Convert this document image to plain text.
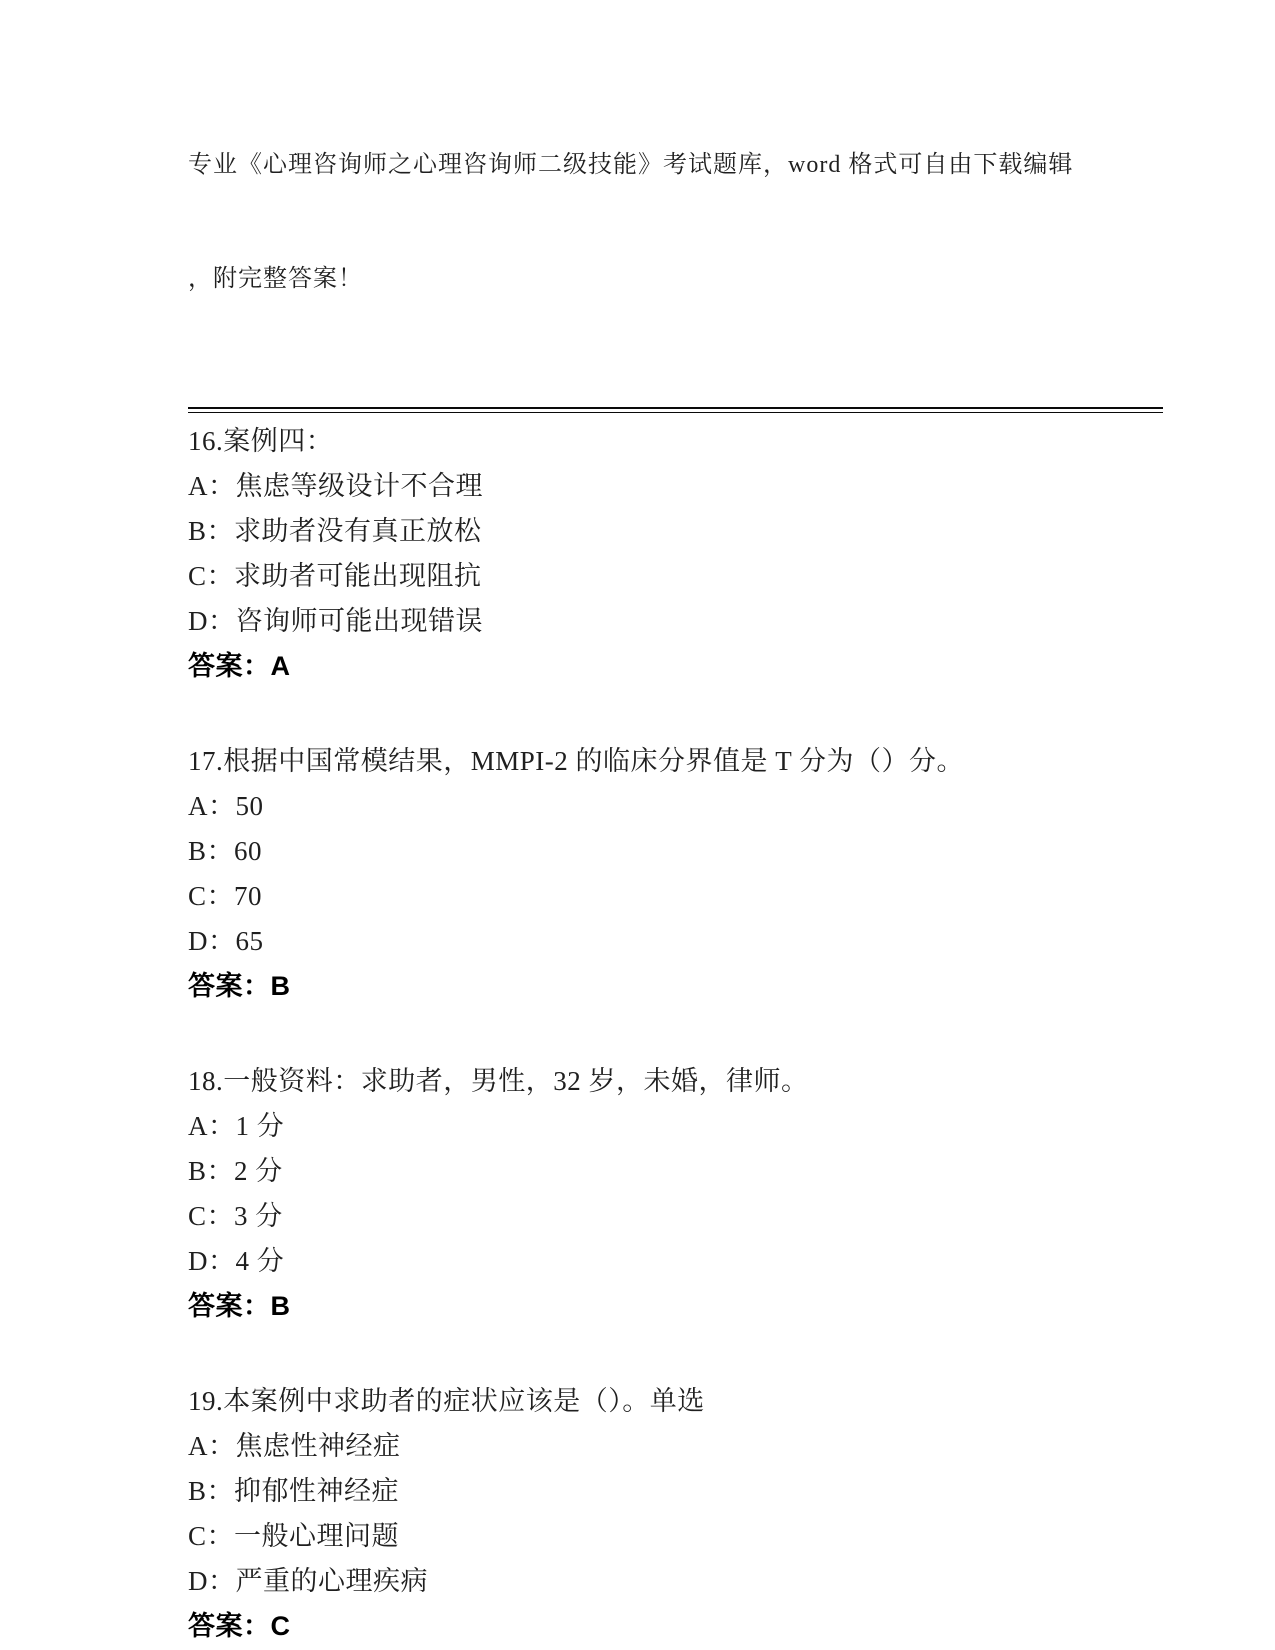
专业《心理咨询师之心理咨询师二级技能》考试题库，word 格式可自由下载编辑

，附完整答案！

16.案例四：
A：焦虑等级设计不合理
B：求助者没有真正放松
C：求助者可能出现阻抗
D：咨询师可能出现错误
答案：A
17.根据中国常模结果，MMPI-2 的临床分界值是 T 分为（）分。
A：50
B：60
C：70
D：65
答案：B
18.一般资料：求助者，男性，32 岁，未婚，律师。
A：1 分
B：2 分
C：3 分
D：4 分
答案：B
19.本案例中求助者的症状应该是（）。单选
A：焦虑性神经症
B：抑郁性神经症
C：一般心理问题
D：严重的心理疾病
答案：C
